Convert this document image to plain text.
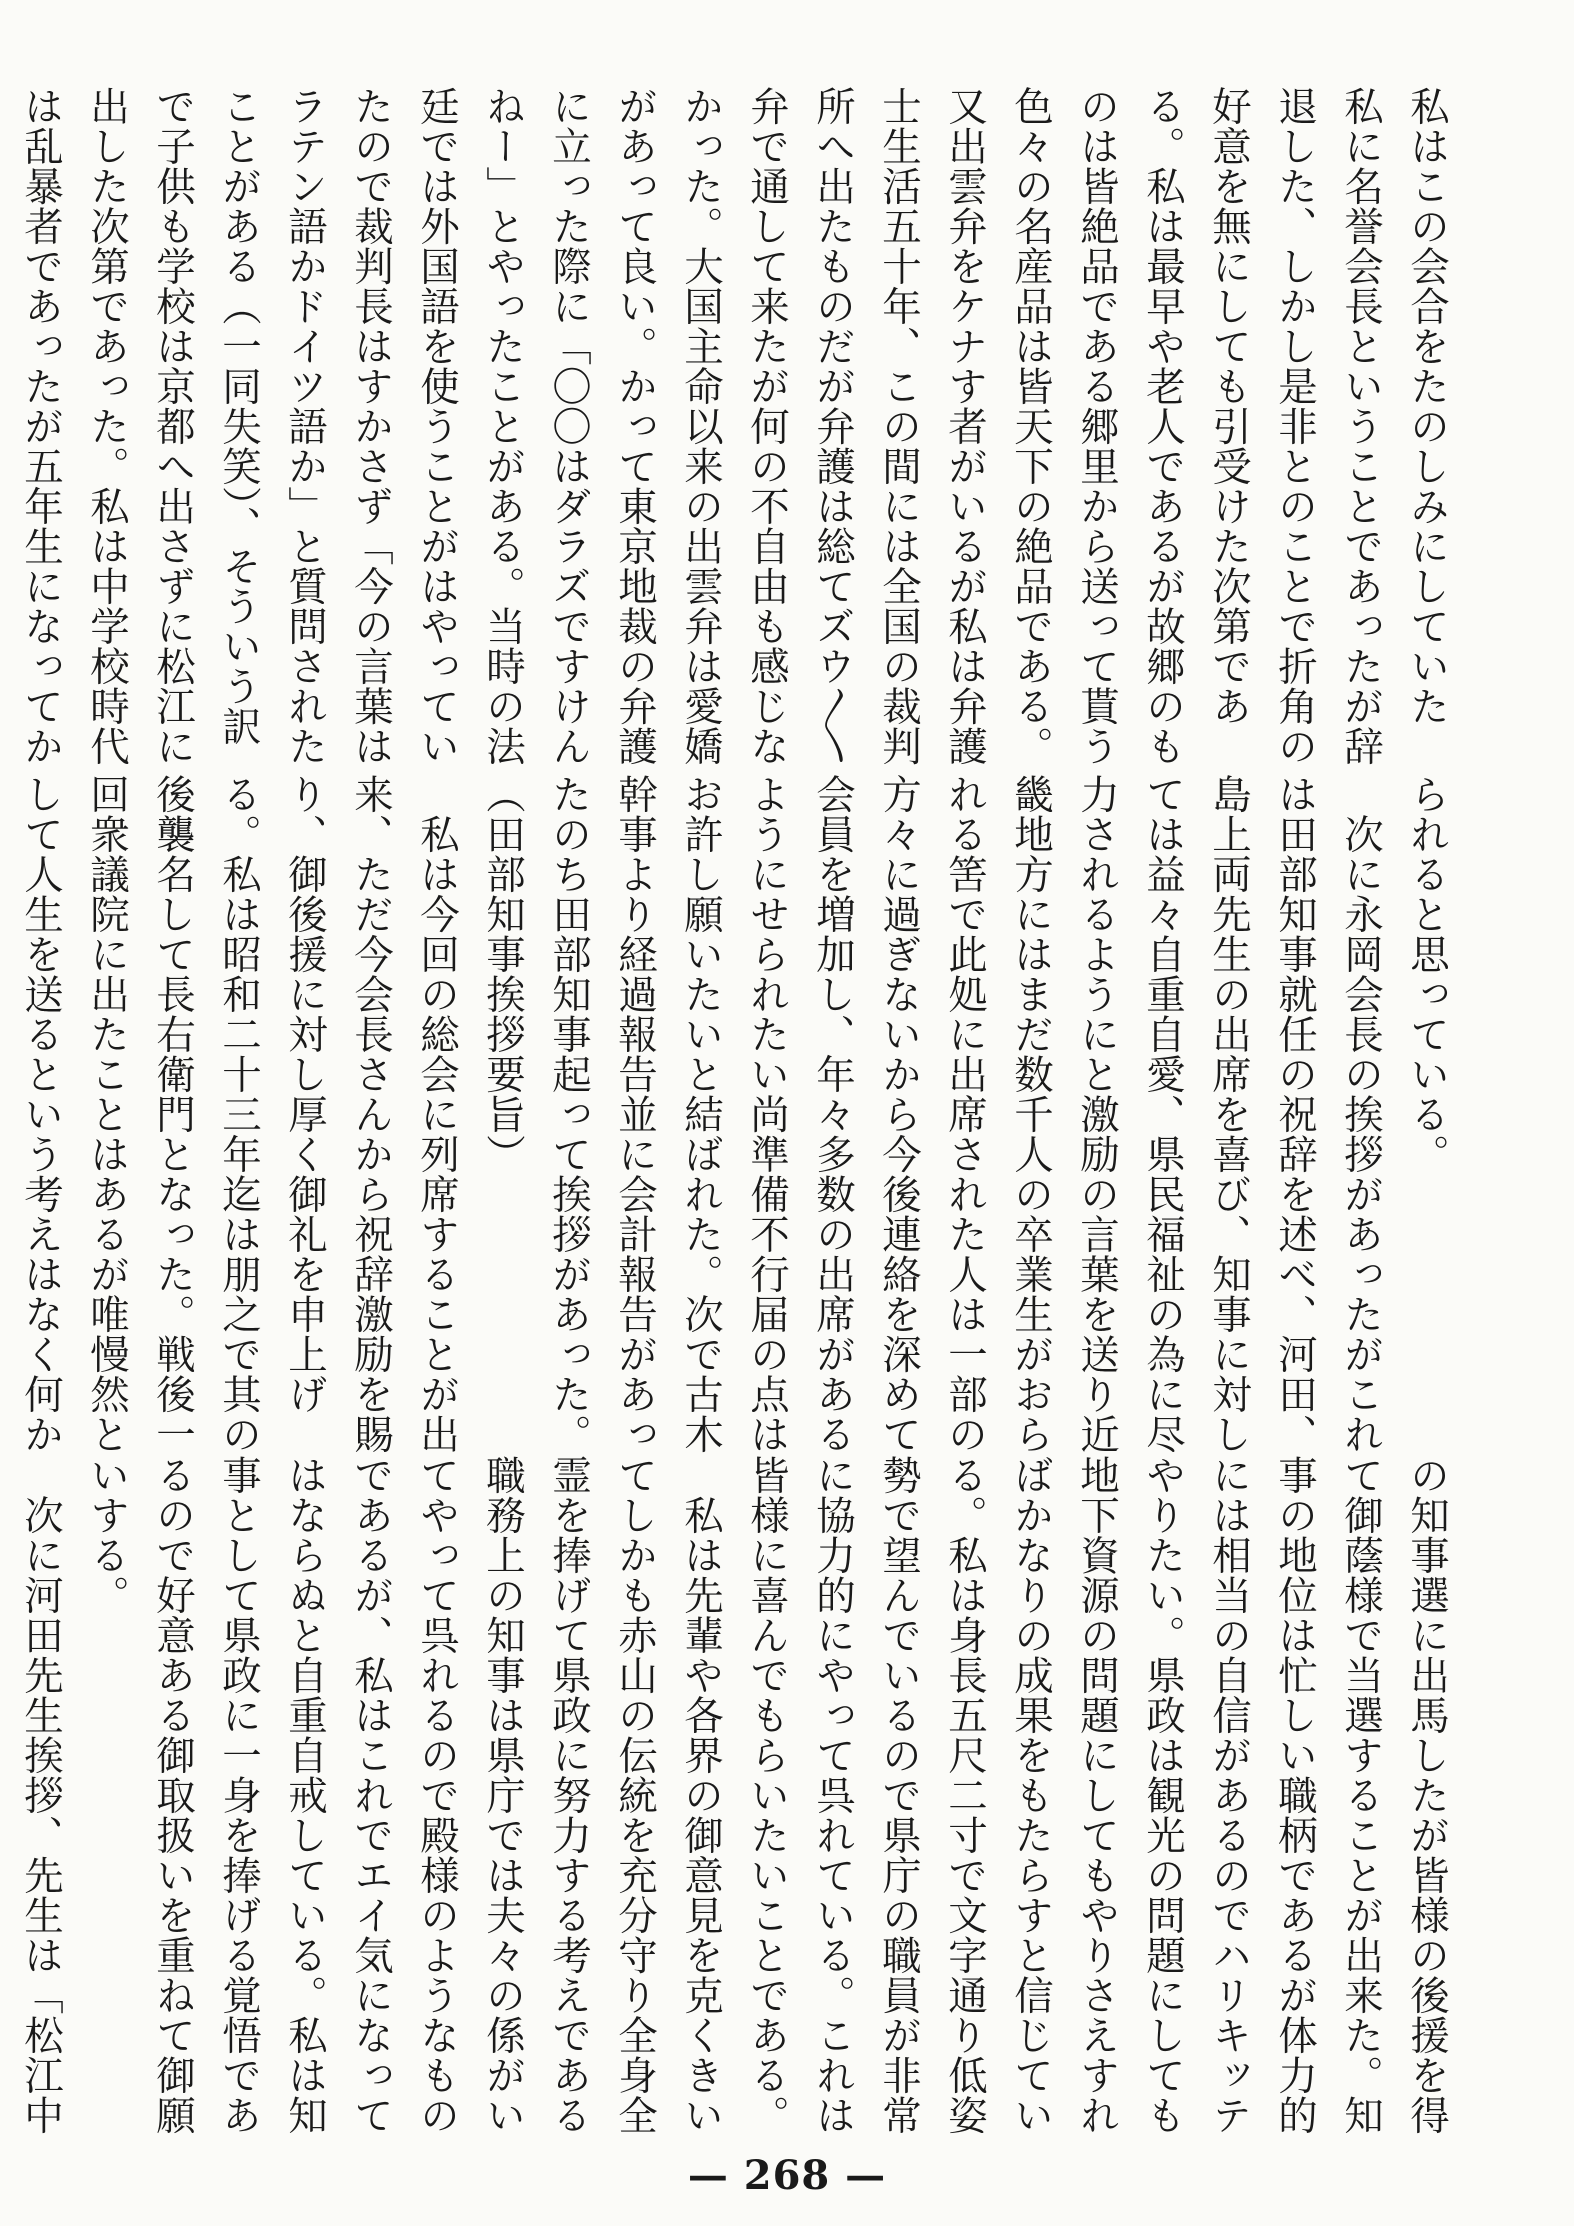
私はこの会合をたのしみにしていた
私に名誉会長ということであったが辞
退した、しかし是非とのことで折角の
好意を無にしても引受けた次第であ
る。私は最早や老人であるが故郷のも
のは皆絶品である郷里から送って貰う
色々の名産品は皆天下の絶品である。
又出雲弁をケナす者がいるが私は弁護
士生活五十年、この間には全国の裁判
所へ出たものだが弁護は総てズウ〳〵
弁で通して来たが何の不自由も感じな
かった。大国主命以来の出雲弁は愛嬌
があって良い。かって東京地裁の弁護
に立った際に「〇〇はダラズですけん
ねー」とやったことがある。当時の法
廷では外国語を使うことがはやってい
たので裁判長はすかさず「今の言葉は
ラテン語かドイツ語か」と質問された
ことがある（一同失笑）、そういう訳
で子供も学校は京都へ出さずに松江に
出した次第であった。私は中学校時代
は乱暴者であったが五年生になってか
られると思っている。
　次に永岡会長の挨拶があったがこれ
は田部知事就任の祝辞を述べ、河田、
島上両先生の出席を喜び、知事に対し
ては益々自重自愛、県民福祉の為に尽
力されるようにと激励の言葉を送り近
畿地方にはまだ数千人の卒業生がおら
れる筈で此処に出席された人は一部の
方々に過ぎないから今後連絡を深めて
会員を増加し、年々多数の出席がある
ようにせられたい尚準備不行届の点は
お許し願いたいと結ばれた。次で古木
幹事より経過報告並に会計報告があっ
たのち田部知事起って挨拶があった。
（田部知事挨拶要旨）
　私は今回の総会に列席することが出
来、ただ今会長さんから祝辞激励を賜
り、御後援に対し厚く御礼を申上げ
る。私は昭和二十三年迄は朋之で其の
後襲名して長右衛門となった。戦後一
回衆議院に出たことはあるが唯慢然と
して人生を送るという考えはなく何か
の知事選に出馬したが皆様の後援を得
て御蔭様で当選することが出来た。知
事の地位は忙しい職柄であるが体力的
には相当の自信があるのでハリキッテ
やりたい。県政は観光の問題にしても
地下資源の問題にしてもやりさえすれ
ばかなりの成果をもたらすと信じてい
る。私は身長五尺二寸で文字通り低姿
勢で望んでいるので県庁の職員が非常
に協力的にやって呉れている。これは
皆様に喜んでもらいたいことである。
　私は先輩や各界の御意見を克くきい
てしかも赤山の伝統を充分守り全身全
霊を捧げて県政に努力する考えである
職務上の知事は県庁では夫々の係がい
てやって呉れるので殿様のようなもの
であるが、私はこれでエイ気になって
はならぬと自重自戒している。私は知
事として県政に一身を捧げる覚悟であ
るので好意ある御取扱いを重ねて御願
いする。
　次に河田先生挨拶、先生は「松江中
— 268 —
